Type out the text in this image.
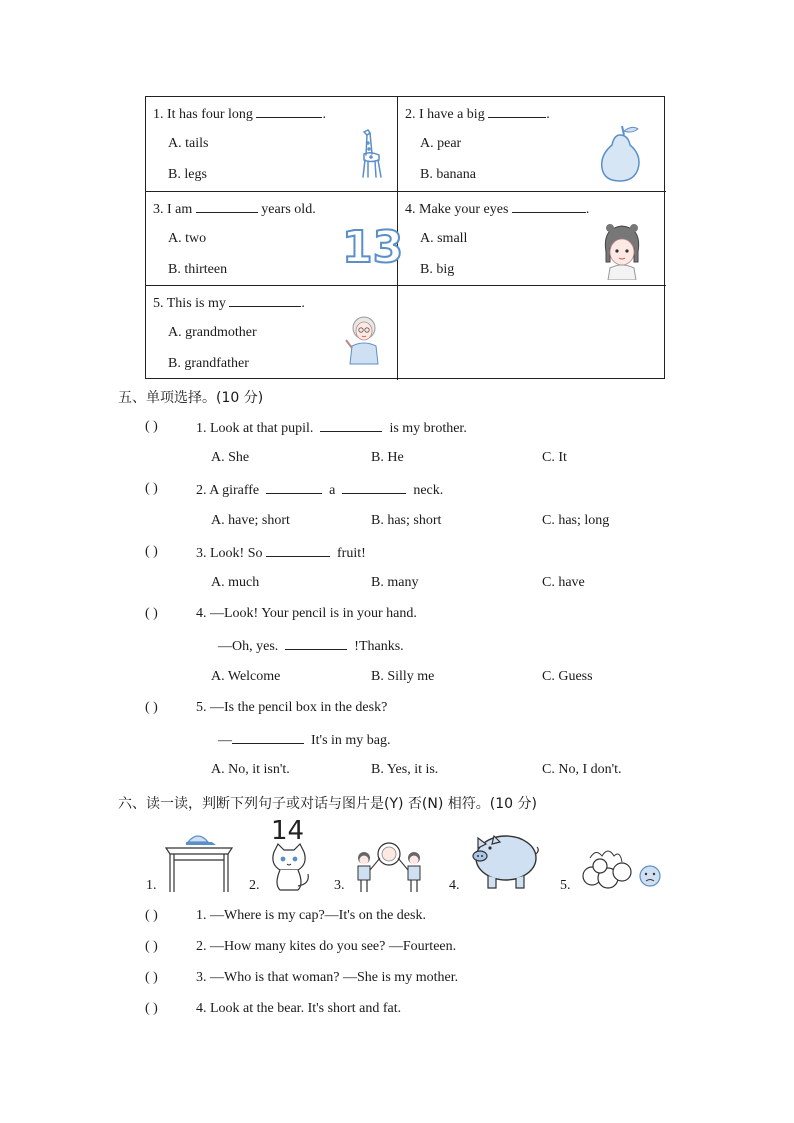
1. It has four long	.
A. tails
B. legs
2. I have a big	.
A. pear
B. banana
3. I am	years old.
A. two
B. thirteen	13
4. Make your eyes	.
A. small
B. big
5. This is my	.
A. grandmother
B. grandfather
五、单项选择。(10 分)
( )	1. Look at that pupil.	is my brother.
A. She	B. He	C. It
( )	2. A giraffe	a	neck.
A. have; short	B. has; short	C. has; long
( )	3. Look! So	fruit!
A. much	B. many	C. have
( )	4. —Look! Your pencil is in your hand.
—Oh, yes.	!Thanks.
A. Welcome	B. Silly me	C. Guess
( )	5. —Is the pencil box in the desk?
—	It's in my bag.
A. No, it isn't.	B. Yes, it is.	C. No, I don't.
六、读一读，判断下列句子或对话与图片是(Y) 否(N) 相符。(10 分)
1.	2.
14
3.	4.	5.
( )	1. —Where is my cap?—It's on the desk.
( )	2. —How many kites do you see? —Fourteen.
( )	3. —Who is that woman? —She is my mother.
( )	4. Look at the bear. It's short and fat.
